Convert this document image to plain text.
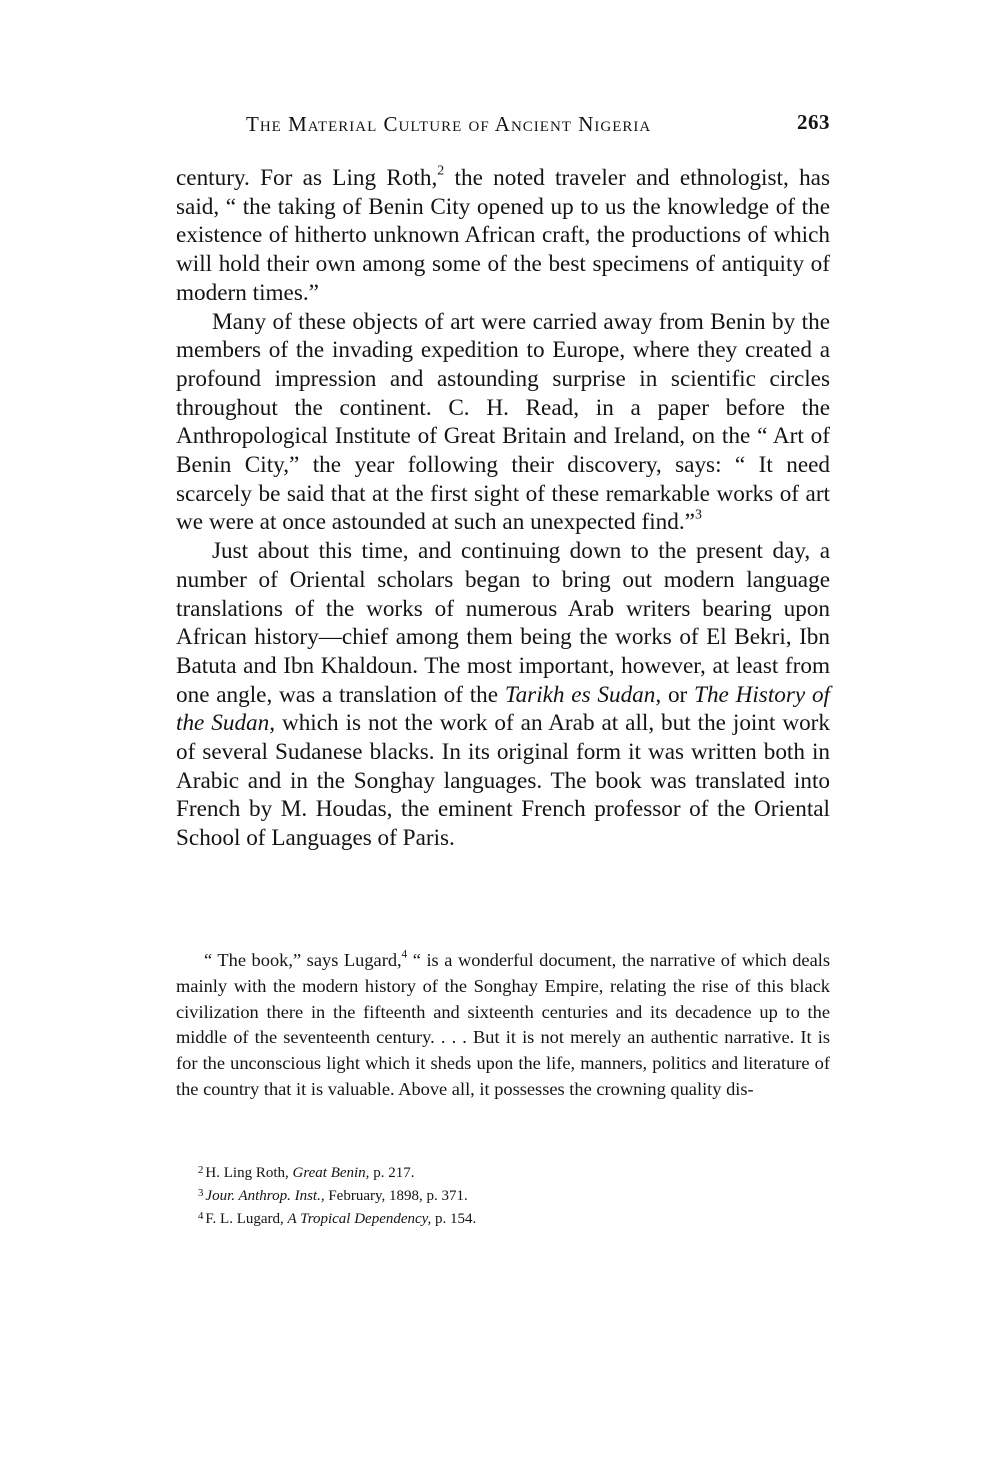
The Material Culture of Ancient Nigeria	263

century. For as Ling Roth,$^2$ the noted traveler and ethnologist, has said, “ the taking of Benin City opened up to us the knowledge of the existence of hitherto unknown African craft, the productions of which will hold their own among some of the best specimens of antiquity of modern times.”

Many of these objects of art were carried away from Benin by the members of the invading expedition to Europe, where they created a profound impression and astounding surprise in scientific circles throughout the continent. C. H. Read, in a paper before the Anthropological Institute of Great Britain and Ireland, on the “ Art of Benin City,” the year following their discovery, says: “ It need scarcely be said that at the first sight of these remarkable works of art we were at once astounded at such an unexpected find.”$^3$

Just about this time, and continuing down to the present day, a number of Oriental scholars began to bring out modern language translations of the works of numerous Arab writers bearing upon African history—chief among them being the works of El Bekri, Ibn Batuta and Ibn Khaldoun. The most important, however, at least from one angle, was a translation of the Tarikh es Sudan, or The History of the Sudan, which is not the work of an Arab at all, but the joint work of several Sudanese blacks. In its original form it was written both in Arabic and in the Songhay languages. The book was translated into French by M. Houdas, the eminent French professor of the Oriental School of Languages of Paris.

“ The book,” says Lugard,$^4$ “ is a wonderful document, the narrative of which deals mainly with the modern history of the Songhay Empire, relating the rise of this black civilization there in the fifteenth and sixteenth centuries and its decadence up to the middle of the seventeenth century. . . . But it is not merely an authentic narrative. It is for the unconscious light which it sheds upon the life, manners, politics and literature of the country that it is valuable. Above all, it possesses the crowning quality dis-
$^2$ H. Ling Roth, Great Benin, p. 217.
$^3$ Jour. Anthrop. Inst., February, 1898, p. 371.
$^4$ F. L. Lugard, A Tropical Dependency, p. 154.
